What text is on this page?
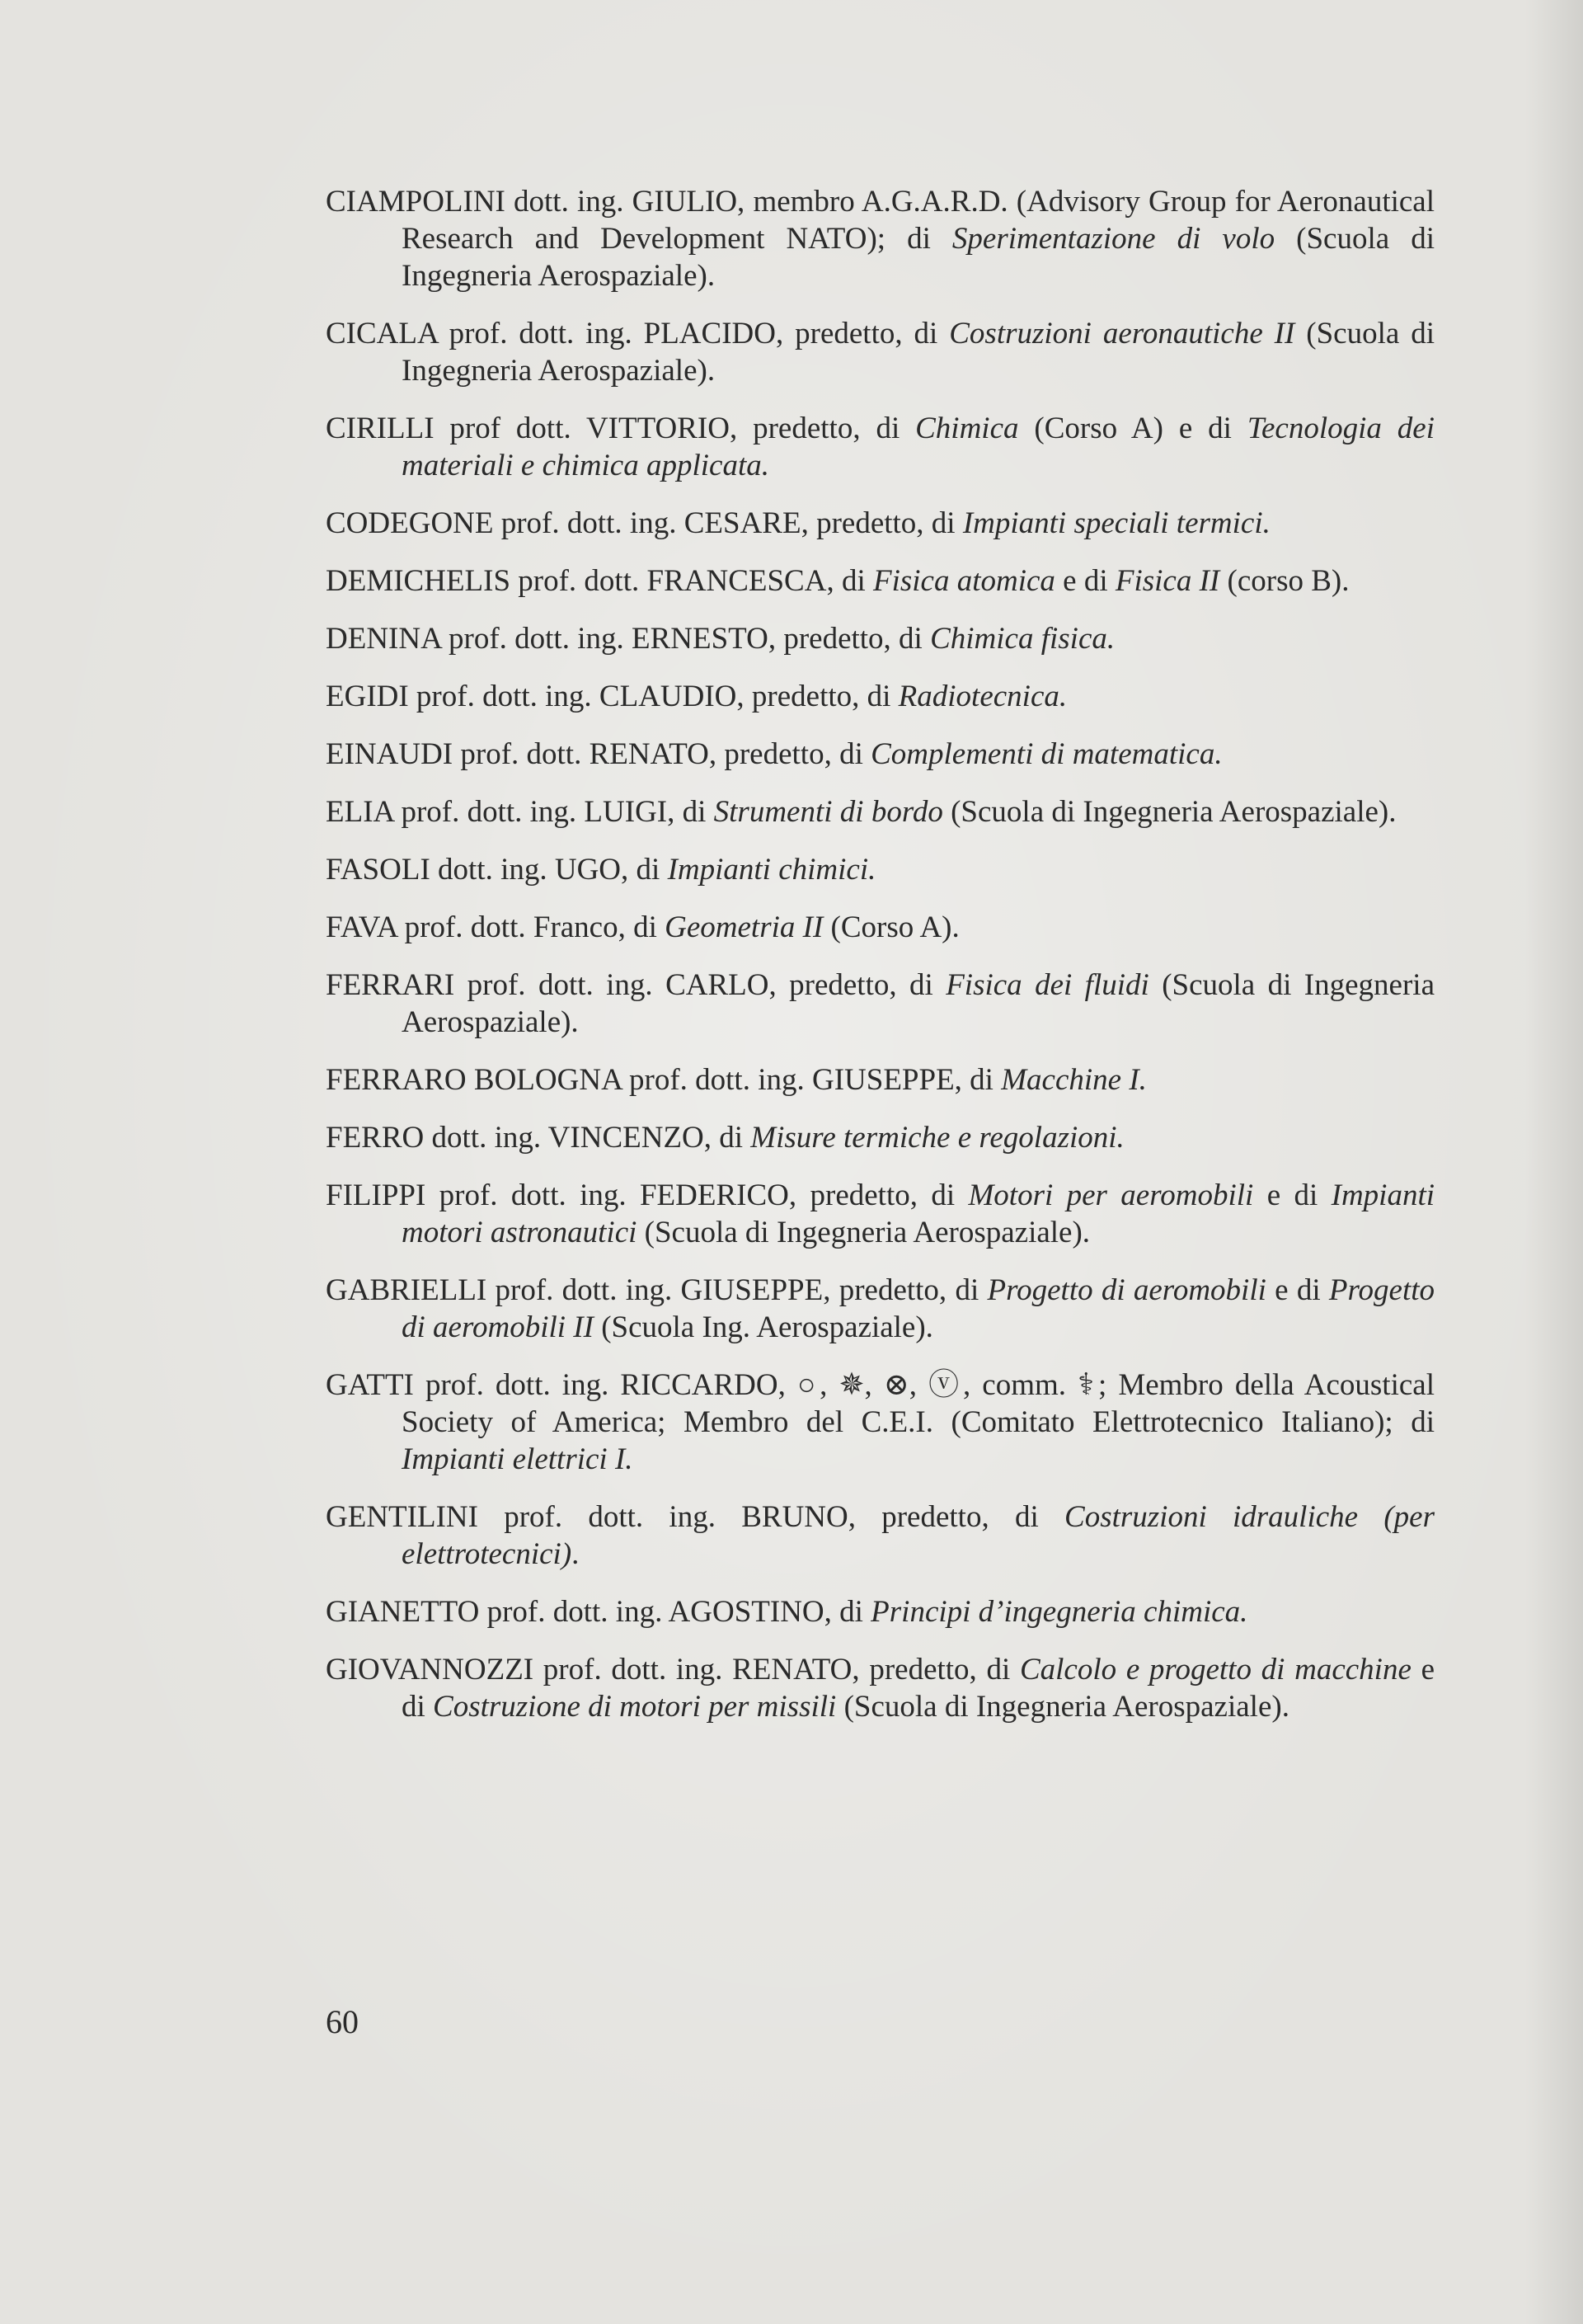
CIAMPOLINI dott. ing. GIULIO, membro A.G.A.R.D. (Advisory Group for Aeronautical Research and Development NATO); di Sperimentazione di volo (Scuola di Ingegneria Aerospaziale).

CICALA prof. dott. ing. PLACIDO, predetto, di Costruzioni aeronautiche II (Scuola di Ingegneria Aerospaziale).

CIRILLI prof dott. VITTORIO, predetto, di Chimica (Corso A) e di Tecnologia dei materiali e chimica applicata.

CODEGONE prof. dott. ing. CESARE, predetto, di Impianti speciali termici.

DEMICHELIS prof. dott. FRANCESCA, di Fisica atomica e di Fisica II (corso B).

DENINA prof. dott. ing. ERNESTO, predetto, di Chimica fisica.

EGIDI prof. dott. ing. CLAUDIO, predetto, di Radiotecnica.

EINAUDI prof. dott. RENATO, predetto, di Complementi di matematica.

ELIA prof. dott. ing. LUIGI, di Strumenti di bordo (Scuola di Ingegneria Aerospaziale).

FASOLI dott. ing. UGO, di Impianti chimici.

FAVA prof. dott. Franco, di Geometria II (Corso A).

FERRARI prof. dott. ing. CARLO, predetto, di Fisica dei fluidi (Scuola di Ingegneria Aerospaziale).

FERRARO BOLOGNA prof. dott. ing. GIUSEPPE, di Macchine I.

FERRO dott. ing. VINCENZO, di Misure termiche e regolazioni.

FILIPPI prof. dott. ing. FEDERICO, predetto, di Motori per aeromobili e di Impianti motori astronautici (Scuola di Ingegneria Aerospaziale).

GABRIELLI prof. dott. ing. GIUSEPPE, predetto, di Progetto di aeromobili e di Progetto di aeromobili II (Scuola Ing. Aerospaziale).

GATTI prof. dott. ing. RICCARDO, ○, ✵, ⊗, ⓥ, comm. ⚕; Membro della Acoustical Society of America; Membro del C.E.I. (Comitato Elettrotecnico Italiano); di Impianti elettrici I.

GENTILINI prof. dott. ing. BRUNO, predetto, di Costruzioni idrauliche (per elettrotecnici).

GIANETTO prof. dott. ing. AGOSTINO, di Principi d’ingegneria chimica.

GIOVANNOZZI prof. dott. ing. RENATO, predetto, di Calcolo e progetto di macchine e di Costruzione di motori per missili (Scuola di Ingegneria Aerospaziale).

60
